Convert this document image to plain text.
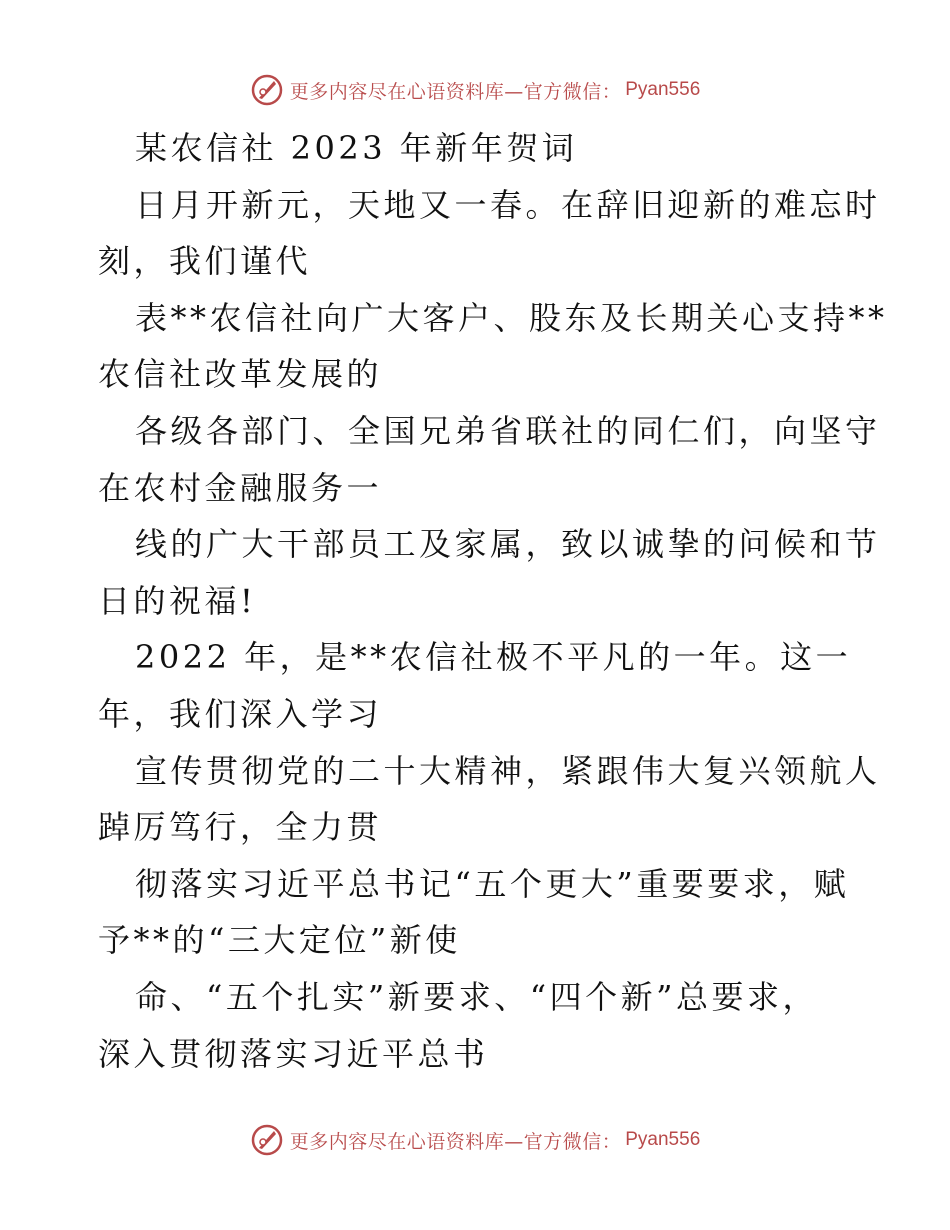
更多内容尽在心语资料库—官方微信： Pyan556
某农信社 2023 年新年贺词
日月开新元，天地又一春。在辞旧迎新的难忘时
刻，我们谨代
表**农信社向广大客户、股东及长期关心支持**
农信社改革发展的
各级各部门、全国兄弟省联社的同仁们，向坚守
在农村金融服务一
线的广大干部员工及家属，致以诚挚的问候和节
日的祝福!
2022 年，是**农信社极不平凡的一年。这一
年，我们深入学习
宣传贯彻党的二十大精神，紧跟伟大复兴领航人
踔厉笃行，全力贯
彻落实习近平总书记“五个更大”重要要求，赋
予**的“三大定位”新使
命、“五个扎实”新要求、“四个新”总要求，
深入贯彻落实习近平总书
更多内容尽在心语资料库—官方微信： Pyan556
